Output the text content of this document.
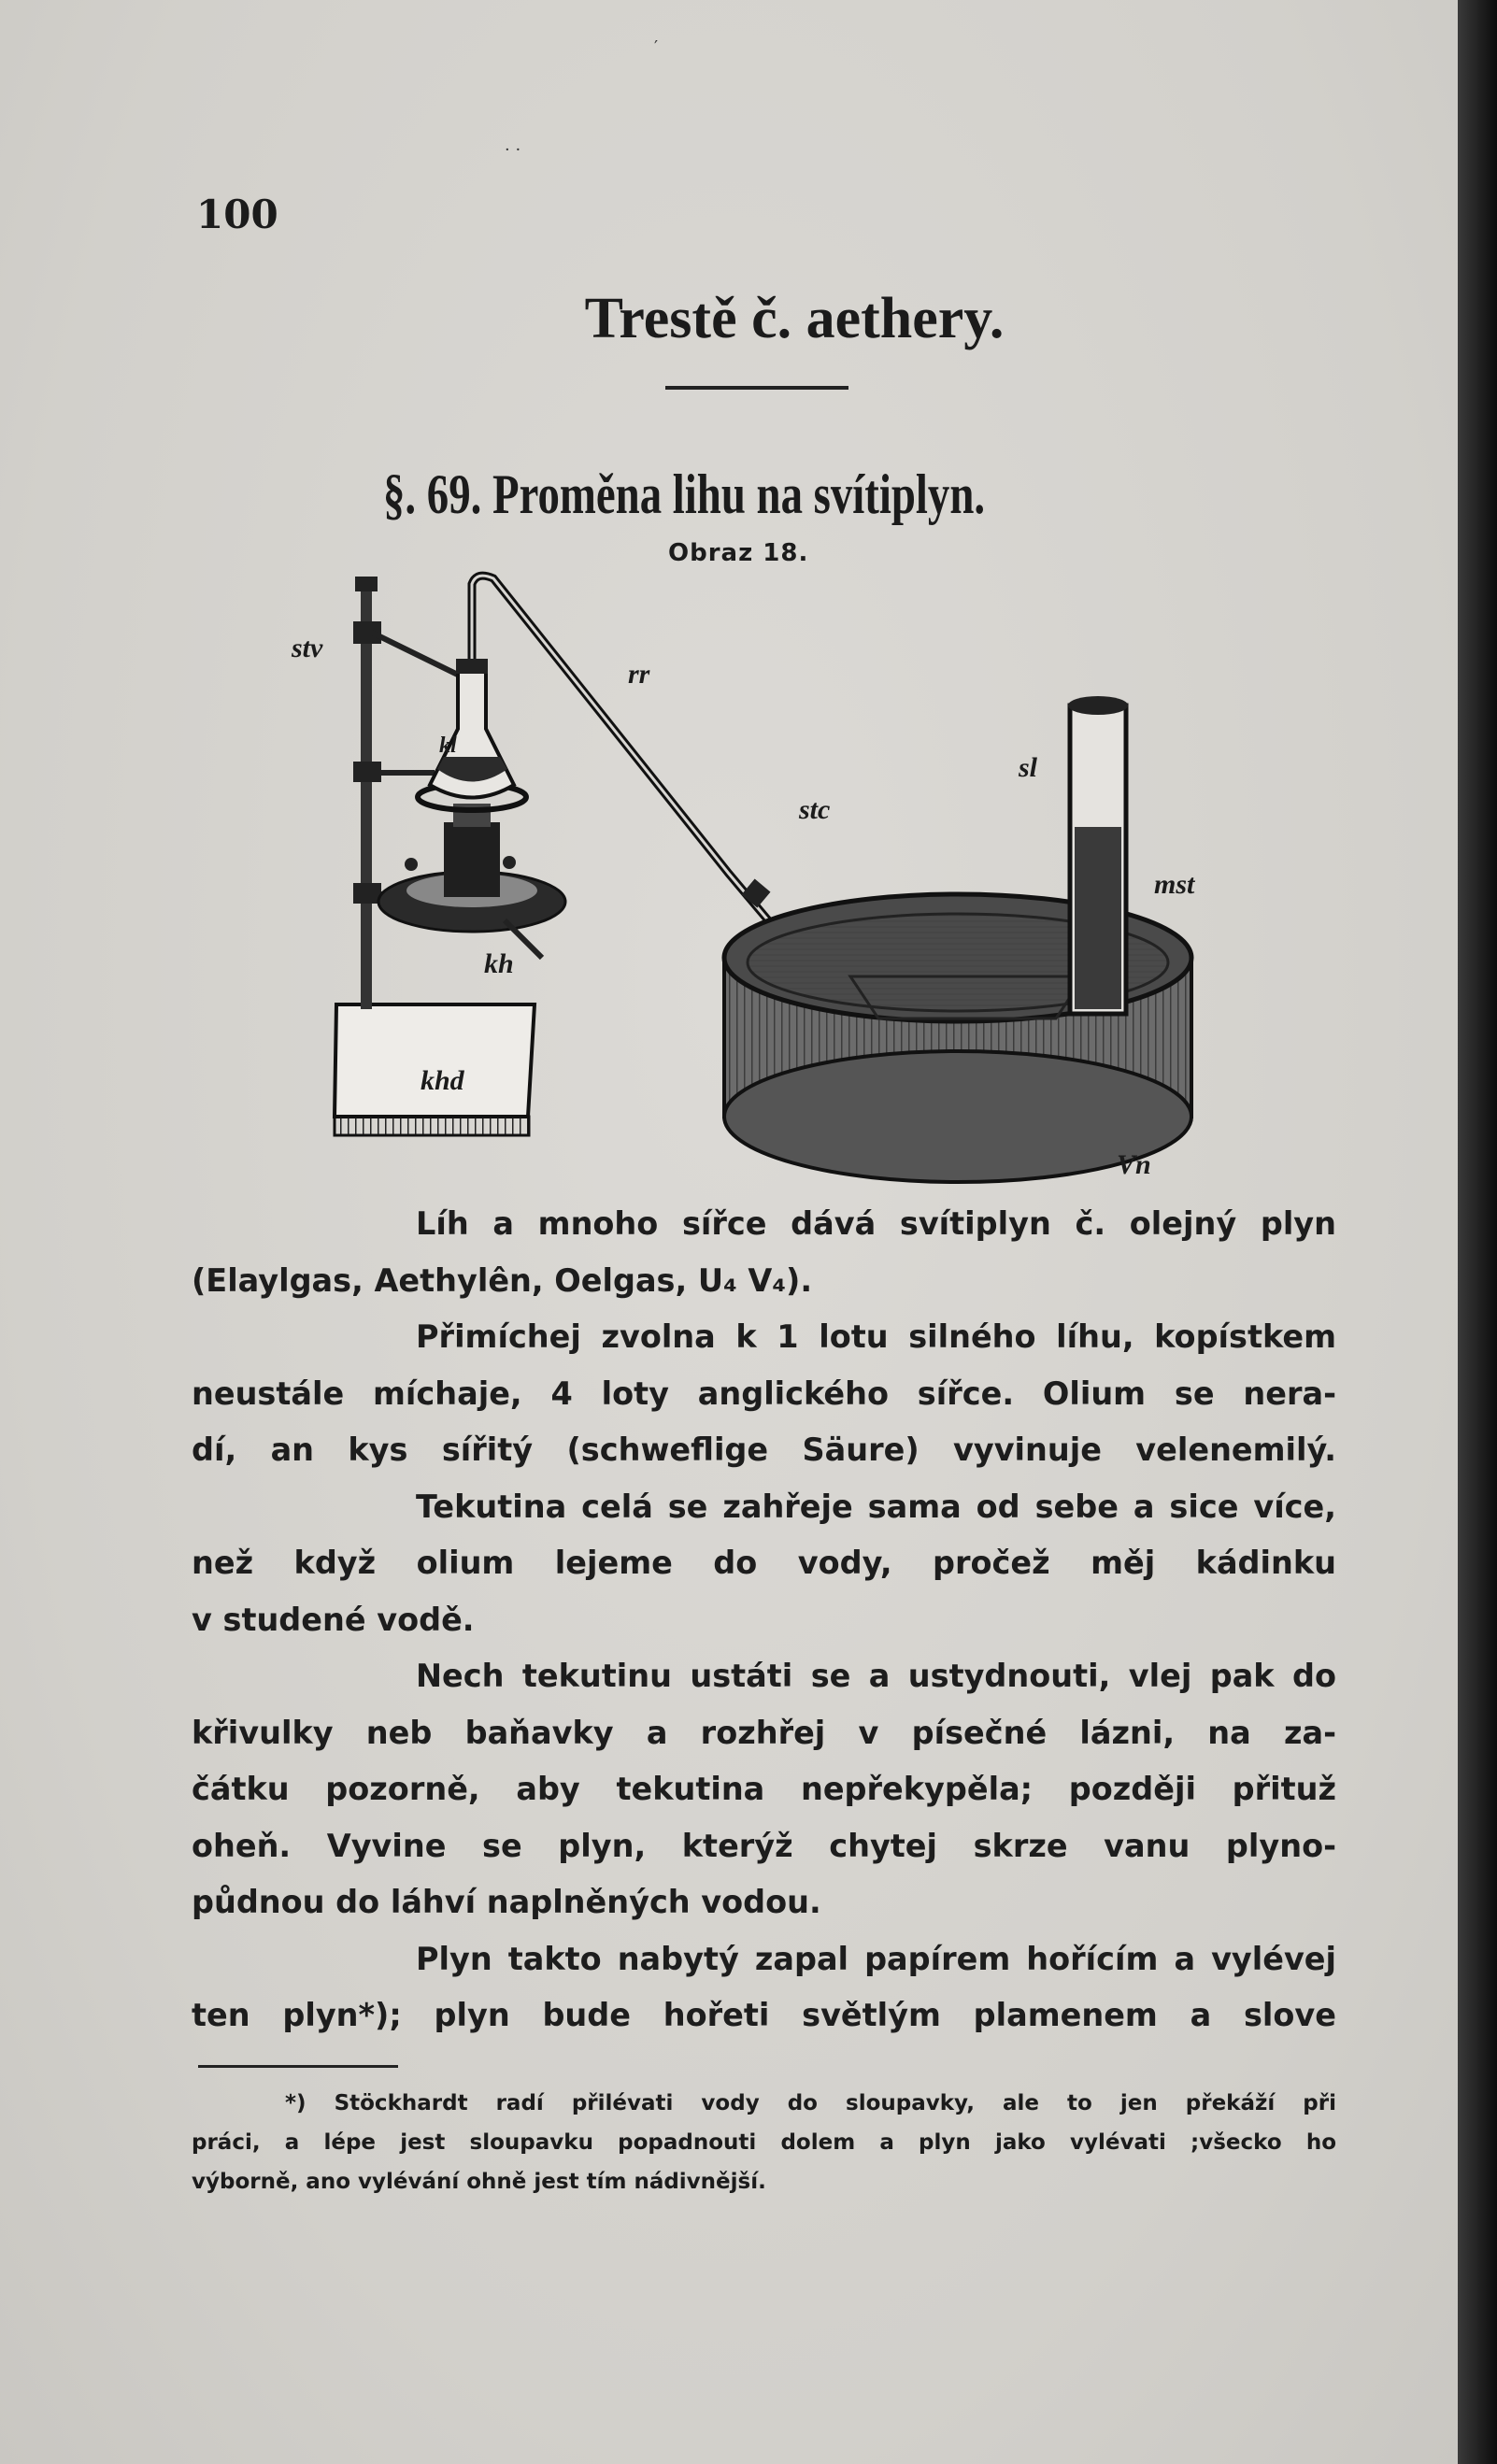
′
· ·
100
Trestě č. aethery.
§. 69. Proměna lihu na svítiplyn.
Obraz 18.
stv
kl
kh
khd
rr
stc
sl
mst
Vn
Líh a mnoho sířce dává svítiplyn č. olejný plyn
(Elaylgas, Aethylên, Oelgas, U₄ V₄).
Přimíchej zvolna k 1 lotu silného líhu, kopístkem
neustále míchaje, 4 loty anglického sířce. Olium se nera-
dí, an kys sířitý (schweflige Säure) vyvinuje velenemilý.
Tekutina celá se zahřeje sama od sebe a sice více,
než když olium lejeme do vody, pročež měj kádinku
v studené vodě.
Nech tekutinu ustáti se a ustydnouti, vlej pak do
křivulky neb baňavky a rozhřej v písečné lázni, na za-
čátku pozorně, aby tekutina nepřekypěla; později přituž
oheň. Vyvine se plyn, kterýž chytej skrze vanu plyno-
půdnou do láhví naplněných vodou.
Plyn takto nabytý zapal papírem hořícím a vylévej
ten plyn*); plyn bude hořeti světlým plamenem a slove
*) Stöckhardt radí přilévati vody do sloupavky, ale to jen překáží při
práci, a lépe jest sloupavku popadnouti dolem a plyn jako vylévati ;všecko ho
výborně, ano vylévání ohně jest tím nádivnější.
